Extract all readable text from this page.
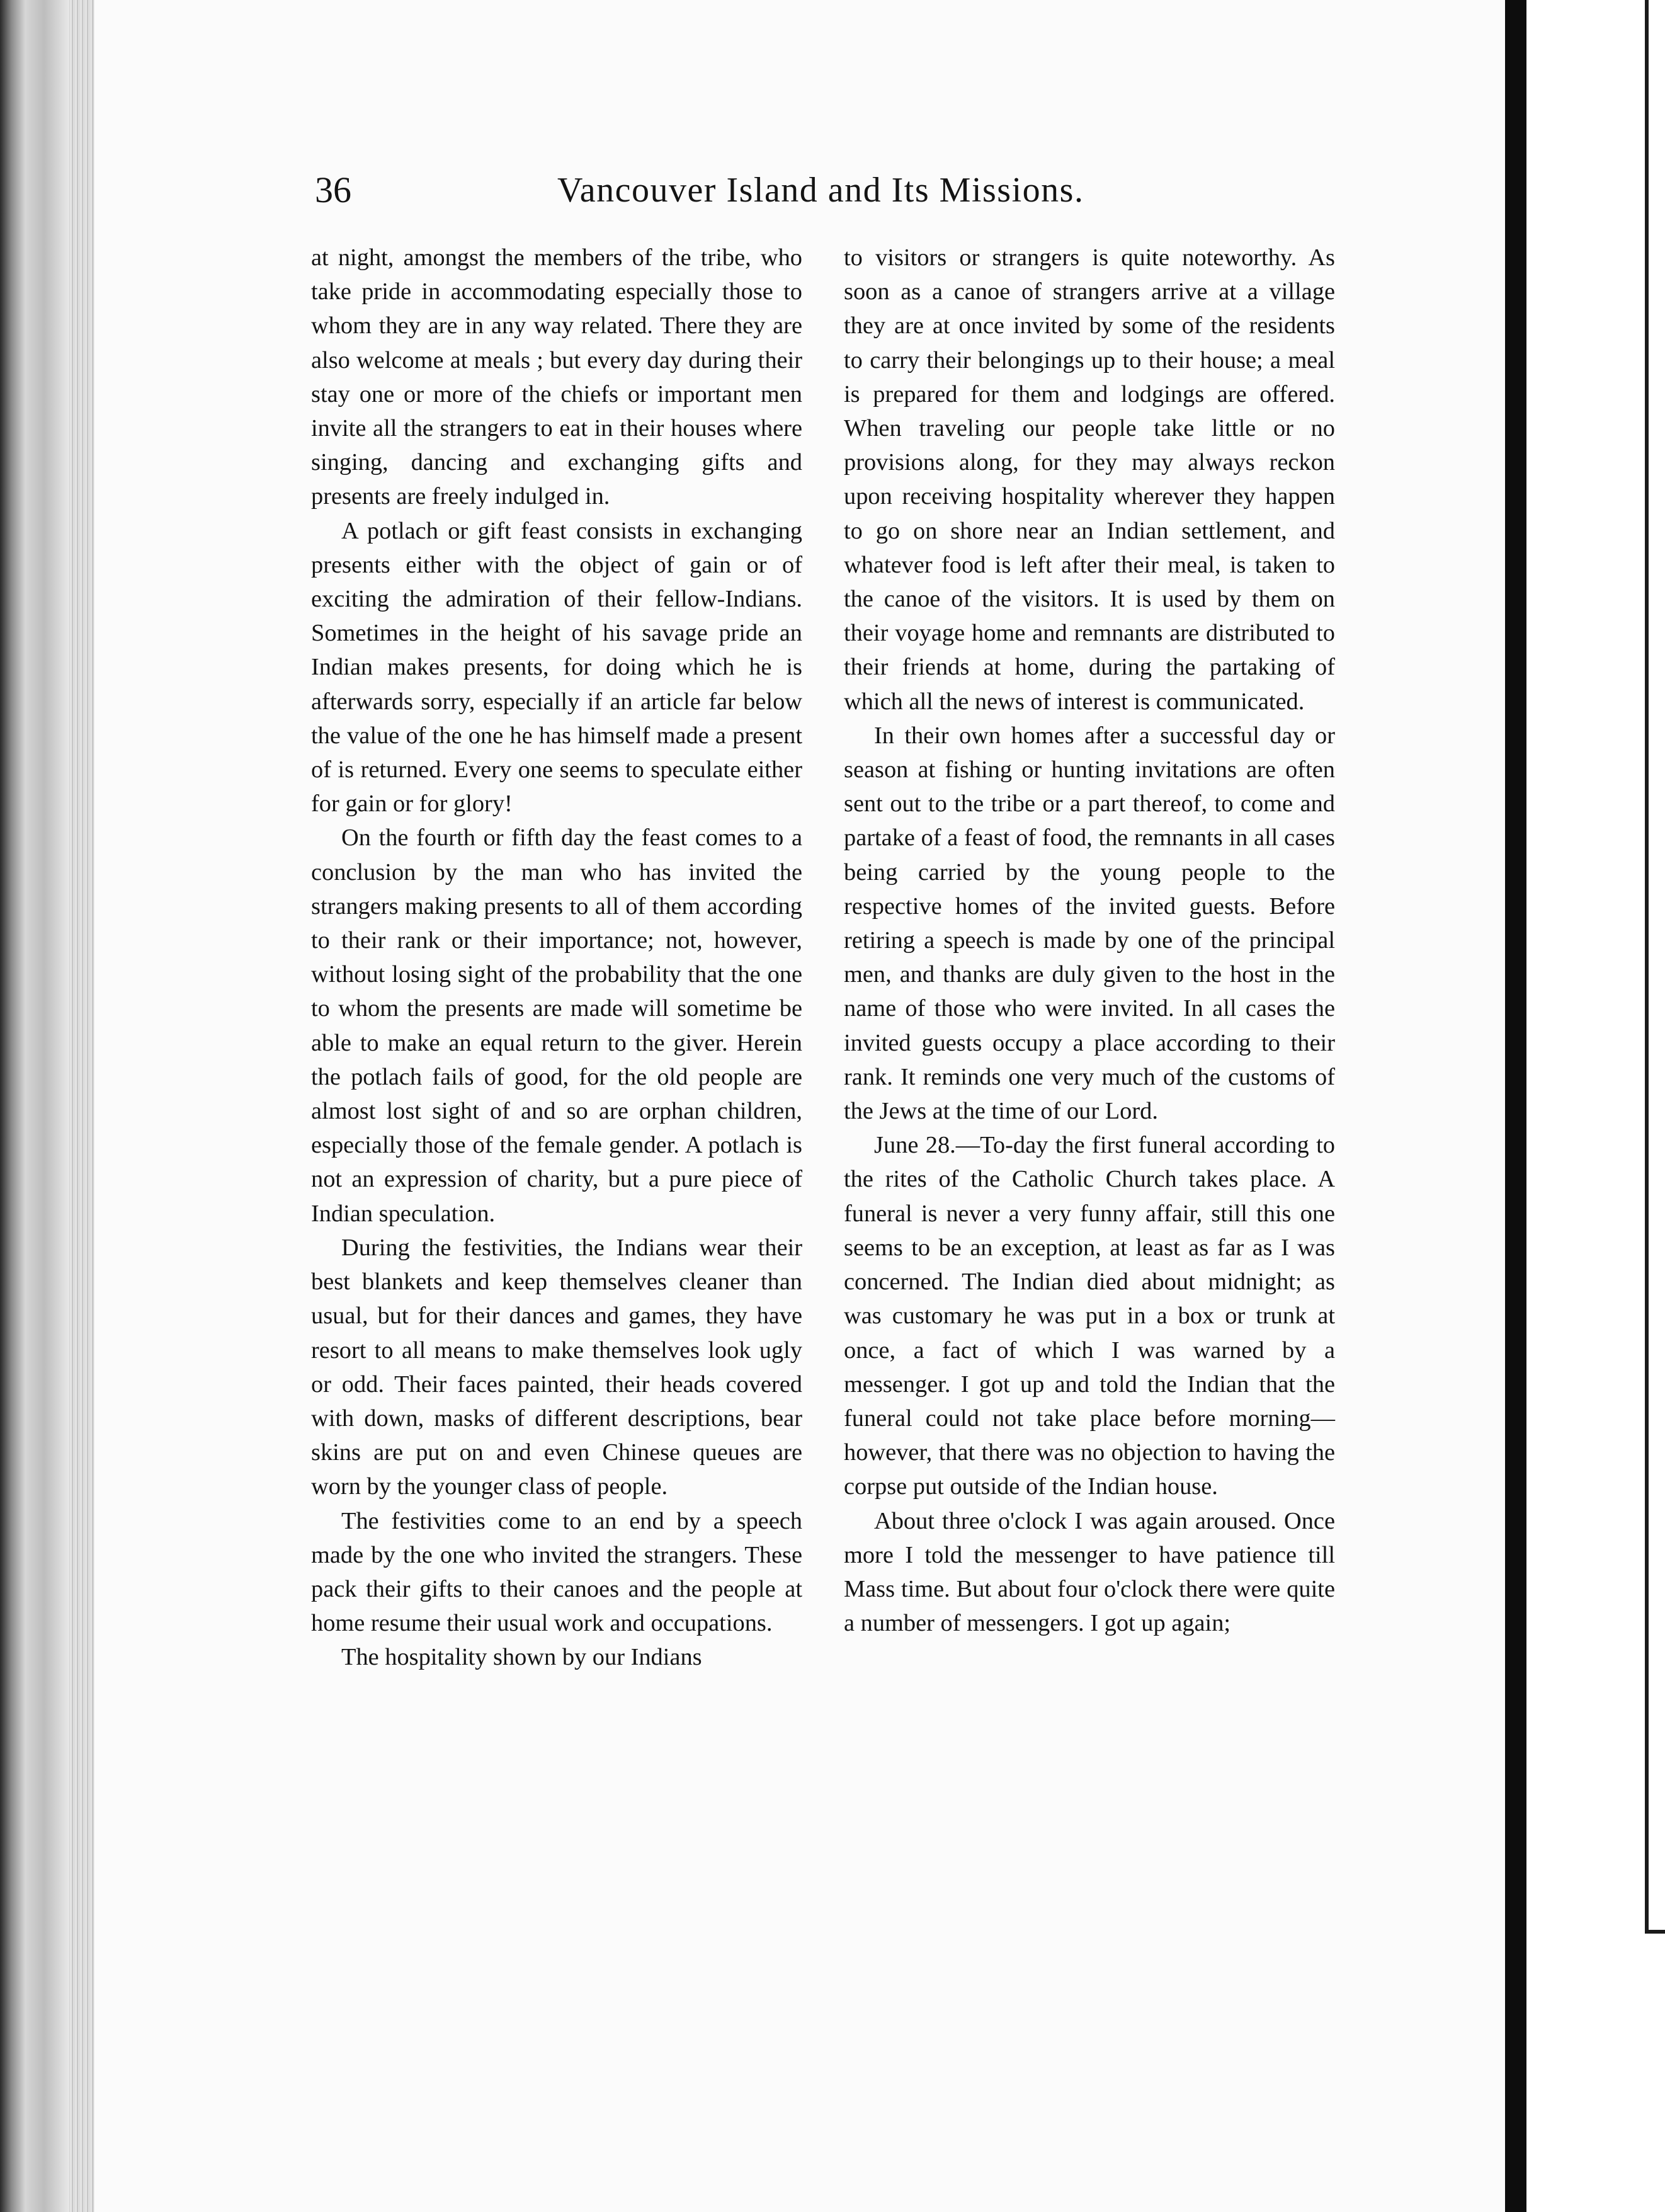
36	Vancouver Island and Its Missions.

at night, amongst the members of the tribe, who take pride in accommodating especially those to whom they are in any way related. There they are also welcome at meals ; but every day during their stay one or more of the chiefs or important men invite all the strangers to eat in their houses where singing, dancing and exchanging gifts and presents are freely indulged in.

A potlach or gift feast consists in exchanging presents either with the object of gain or of exciting the admiration of their fellow-Indians. Sometimes in the height of his savage pride an Indian makes presents, for doing which he is afterwards sorry, especially if an article far below the value of the one he has himself made a present of is returned. Every one seems to speculate either for gain or for glory!

On the fourth or fifth day the feast comes to a conclusion by the man who has invited the strangers making presents to all of them according to their rank or their importance; not, however, without losing sight of the probability that the one to whom the presents are made will sometime be able to make an equal return to the giver. Herein the potlach fails of good, for the old people are almost lost sight of and so are orphan children, especially those of the female gender. A potlach is not an expression of charity, but a pure piece of Indian speculation.

During the festivities, the Indians wear their best blankets and keep themselves cleaner than usual, but for their dances and games, they have resort to all means to make themselves look ugly or odd. Their faces painted, their heads covered with down, masks of different descriptions, bear skins are put on and even Chinese queues are worn by the younger class of people.

The festivities come to an end by a speech made by the one who invited the strangers. These pack their gifts to their canoes and the people at home resume their usual work and occupations.

The hospitality shown by our Indians

to visitors or strangers is quite noteworthy. As soon as a canoe of strangers arrive at a village they are at once invited by some of the residents to carry their belongings up to their house; a meal is prepared for them and lodgings are offered. When traveling our people take little or no provisions along, for they may always reckon upon receiving hospitality wherever they happen to go on shore near an Indian settlement, and whatever food is left after their meal, is taken to the canoe of the visitors. It is used by them on their voyage home and remnants are distributed to their friends at home, during the partaking of which all the news of interest is communicated.

In their own homes after a successful day or season at fishing or hunting invitations are often sent out to the tribe or a part thereof, to come and partake of a feast of food, the remnants in all cases being carried by the young people to the respective homes of the invited guests. Before retiring a speech is made by one of the principal men, and thanks are duly given to the host in the name of those who were invited. In all cases the invited guests occupy a place according to their rank. It reminds one very much of the customs of the Jews at the time of our Lord.

June 28.—To-day the first funeral according to the rites of the Catholic Church takes place. A funeral is never a very funny affair, still this one seems to be an exception, at least as far as I was concerned. The Indian died about midnight; as was customary he was put in a box or trunk at once, a fact of which I was warned by a messenger. I got up and told the Indian that the funeral could not take place before morning—however, that there was no objection to having the corpse put outside of the Indian house.

About three o'clock I was again aroused. Once more I told the messenger to have patience till Mass time. But about four o'clock there were quite a number of messengers. I got up again;
